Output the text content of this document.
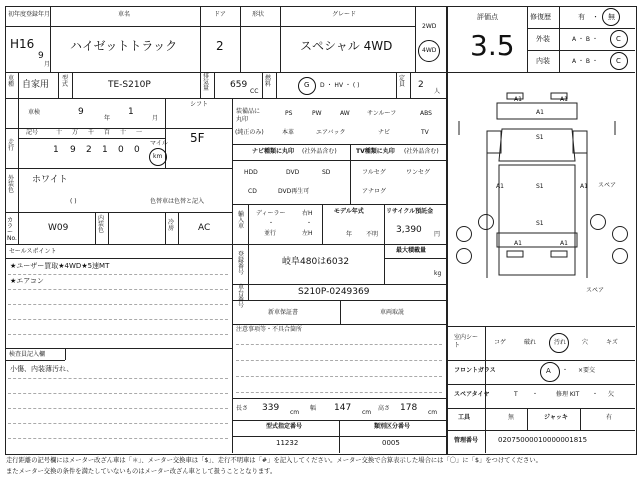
初年度登録年月
H16
9
月
車名
ハイゼットトラック
ドア
2
形状	グレード
スペシャル 4WD
2WD
4WD
評価点
3.5
修復歴	有 ・ 無
外装	A ・ B ・	C
内装	A ・ B ・	C
車 種 自家用
型 式	TE-S210P
排気量 659
CC
燃料	G D ・ HV ・ ( )
定員 2
人
車検	9
年
1
月
シフト
5F
走行
記号	十 万 千 百 十 一
1 9 2 1 0 0
マイル
km
外装色
ホワイト
( )	色替車は色替と記入
カラー No.
W09
内装色
冷房	AC
セールスポイント
★ユーザー買取★4WD★5速MT
★エアコン
検査員記入欄
小傷、内装薄汚れ、
装備品に丸印
(純正のみ)
PS	PW	AW	サンルーフ	ABS
本革	エアバック	ナビ	TV
ナビ種類に丸印 (社外品含む)
HDD	DVD	SD
CD	DVD再生可
TV種類に丸印 (社外品含む)
フルセグ	ワンセグ
アナログ
輸入車
ディーラー
・
並行
右H
・
左H
モデル年式
年 不明
リサイクル預託金
3,390 円
登録番号
岐阜480は6032
最大積載量
kg
車台番号
S210P-0249369
新車保証書	車両取説
注意事項等・不具合箇所
長さ 339 cm
幅 147 cm
高さ 178 cm
型式指定番号
11232
類別区分番号
0005
A1	A1
A1
S1
A1	A1
S1
A1	A1
S1
スペア
スペア
室内シート	コゲ	破れ	汚れ	穴	キズ
フロントガラス	A ・ ×要交
スペアタイヤ	T ・	修理 KIT ・ 欠
工具	無	ジャッキ	有
管理番号	02075000010000001815
走行距離の記号欄にはメーター改ざん車は「＊」、メーター交換車は「$」、走行不明車は「#」を記入してください。メーター交換で合算表示した場合には「〇」に「$」をつけてください。
またメーター交換の条件を満たしていないものはメーター改ざん車として扱うこととなります。
